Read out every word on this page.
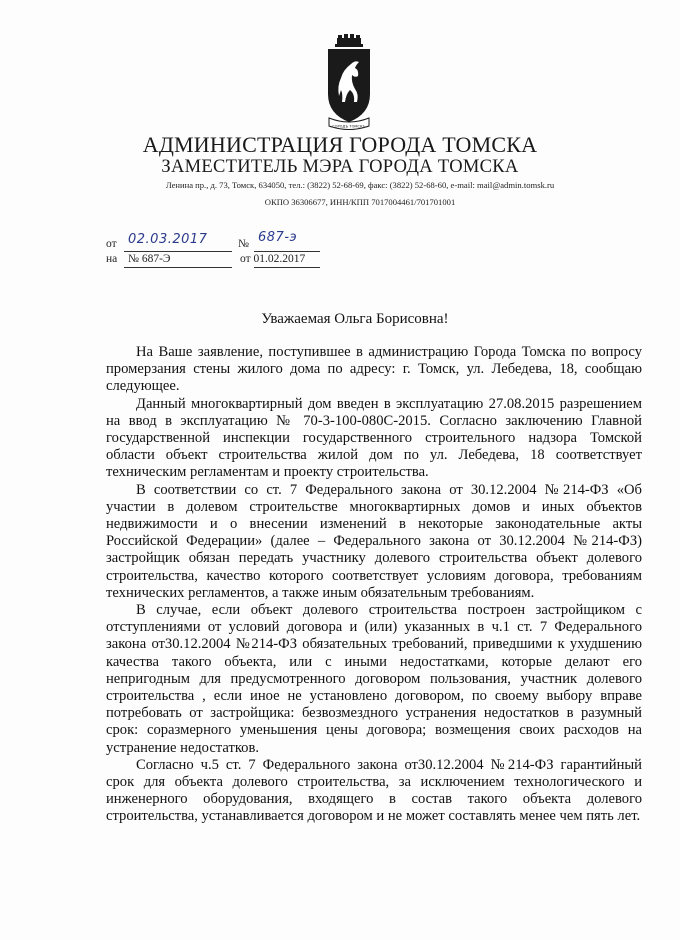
ГОРОДЪ ТОМСКЪ
АДМИНИСТРАЦИЯ ГОРОДА ТОМСКА
ЗАМЕСТИТЕЛЬ МЭРА ГОРОДА ТОМСКА
Ленина пр., д. 73, Томск, 634050, тел.: (3822) 52-68-69, факс: (3822) 52-68-60, e-mail: mail@admin.tomsk.ru
ОКПО 36306677, ИНН/КПП 7017004461/701701001
от 02.03.2017	№ 687-э
на № 687-Э	от 01.02.2017
Уважаемая Ольга Борисовна!

На Ваше заявление, поступившее в администрацию Города Томска по вопросу промерзания стены жилого дома по адресу: г. Томск, ул. Лебедева, 18, сообщаю следующее.

Данный многоквартирный дом введен в эксплуатацию 27.08.2015 разрешением на ввод в эксплуатацию № 70-3-100-080С-2015. Согласно заключению Главной государственной инспекции государственного строительного надзора Томской области объект строительства жилой дом по ул. Лебедева, 18 соответствует техническим регламентам и проекту строительства.

В соответствии со ст. 7 Федерального закона от 30.12.2004 №214-ФЗ «Об участии в долевом строительстве многоквартирных домов и иных объектов недвижимости и о внесении изменений в некоторые законодательные акты Российской Федерации» (далее – Федерального закона от 30.12.2004 №214-ФЗ) застройщик обязан передать участнику долевого строительства объект долевого строительства, качество которого соответствует условиям договора, требованиям технических регламентов, а также иным обязательным требованиям.

В случае, если объект долевого строительства построен застройщиком с отступлениями от условий договора и (или) указанных в ч.1 ст. 7 Федерального закона от30.12.2004 №214-ФЗ обязательных требований, приведшими к ухудшению качества такого объекта, или с иными недостатками, которые делают его непригодным для предусмотренного договором пользования, участник долевого строительства , если иное не установлено договором, по своему выбору вправе потребовать от застройщика: безвозмездного устранения недостатков в разумный срок: соразмерного уменьшения цены договора; возмещения своих расходов на устранение недостатков.

Согласно ч.5 ст. 7 Федерального закона от30.12.2004 №214-ФЗ гарантийный срок для объекта долевого строительства, за исключением технологического и инженерного оборудования, входящего в состав такого объекта долевого строительства, устанавливается договором и не может составлять менее чем пять лет.
